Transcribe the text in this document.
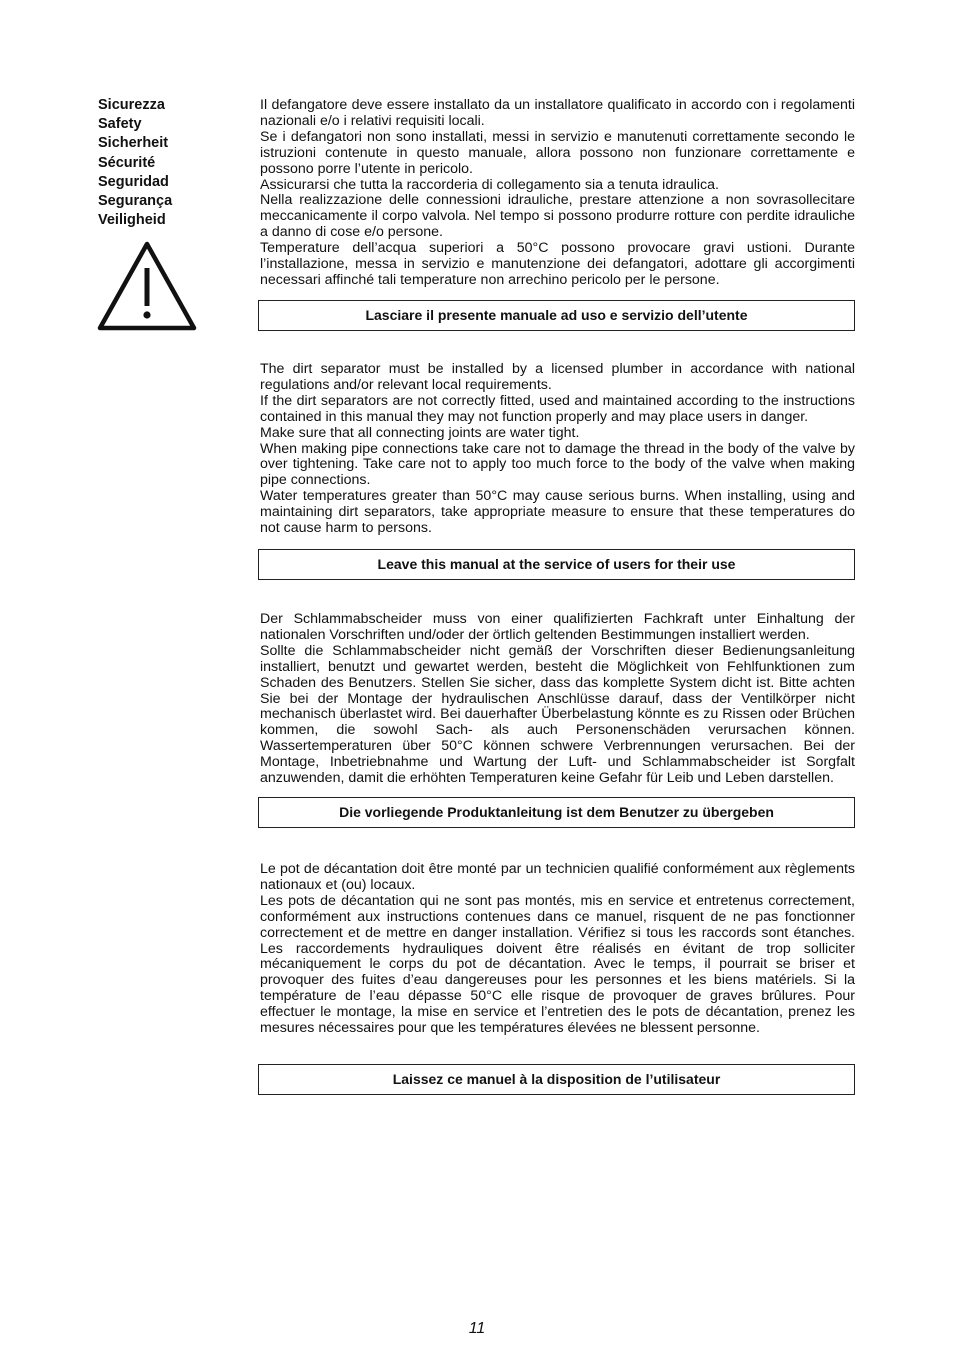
Sicurezza

Safety

Sicherheit

Sécurité

Seguridad

Segurança

Veiligheid

Il defangatore deve essere installato da un installatore qualificato in accordo con i regolamenti nazionali e/o i relativi requisiti locali.

Se i defangatori non sono installati, messi in servizio e manutenuti correttamente secondo le istruzioni contenute in questo manuale, allora possono non funzionare correttamente e possono porre l’utente in pericolo.

Assicurarsi che tutta la raccorderia di collegamento sia a tenuta idraulica.

Nella realizzazione delle connessioni idrauliche, prestare attenzione a non sovrasollecitare meccanicamente il corpo valvola. Nel tempo si possono produrre rotture con perdite idrauliche a danno di cose e/o persone.

Temperature dell’acqua superiori a 50°C possono provocare gravi ustioni. Durante l’installazione, messa in servizio e manutenzione dei defangatori, adottare gli accorgimenti necessari affinché tali temperature non arrechino pericolo per le persone.

Lasciare il presente manuale ad uso e servizio dell’utente

The dirt separator must be installed by a licensed plumber in accordance with national regulations and/or relevant local requirements.

If the dirt separators are not correctly fitted, used and maintained according to the instructions contained in this manual they may not function properly and may place users in danger.

Make sure that all connecting joints are water tight.

When making pipe connections take care not to damage the thread in the body of the valve by over tightening. Take care not to apply too much force to the body of the valve when making pipe connections.

Water temperatures greater than 50°C may cause serious burns. When installing, using and maintaining dirt separators, take appropriate measure to ensure that these temperatures do not cause harm to persons.

Leave this manual at the service of users for their use

Der Schlammabscheider muss von einer qualifizierten Fachkraft unter Einhaltung der nationalen Vorschriften und/oder der örtlich geltenden Bestimmungen installiert werden.

Sollte die Schlammabscheider nicht gemäß der Vorschriften dieser Bedienungsanleitung installiert, benutzt und gewartet werden, besteht die Möglichkeit von Fehlfunktionen zum Schaden des Benutzers. Stellen Sie sicher, dass das komplette System dicht ist. Bitte achten Sie bei der Montage der hydraulischen Anschlüsse darauf, dass der Ventilkörper nicht mechanisch überlastet wird. Bei dauerhafter Überbelastung könnte es zu Rissen oder Brüchen kommen, die sowohl Sach- als auch Personenschäden verursachen können. Wassertemperaturen über 50°C können schwere Verbrennungen verursachen. Bei der Montage, Inbetriebnahme und Wartung der Luft- und Schlammabscheider ist Sorgfalt anzuwenden, damit die erhöhten Temperaturen keine Gefahr für Leib und Leben darstellen.

Die vorliegende Produktanleitung ist dem Benutzer zu übergeben

Le pot de décantation doit être monté par un technicien qualifié conformément aux règlements nationaux et (ou) locaux.

Les pots de décantation qui ne sont pas montés, mis en service et entretenus correctement, conformément aux instructions contenues dans ce manuel, risquent de ne pas fonctionner correctement et de mettre en danger installation. Vérifiez si tous les raccords sont étanches. Les raccordements hydrauliques doivent être réalisés en évitant de trop solliciter mécaniquement le corps du pot de décantation. Avec le temps, il pourrait se briser et provoquer des fuites d’eau dangereuses pour les personnes et les biens matériels. Si la température de l’eau dépasse 50°C elle risque de provoquer de graves brûlures. Pour effectuer le montage, la mise en service et l’entretien des le pots de décantation, prenez les mesures nécessaires pour que les températures élevées ne blessent personne.

Laissez ce manuel à la disposition de l’utilisateur
11
